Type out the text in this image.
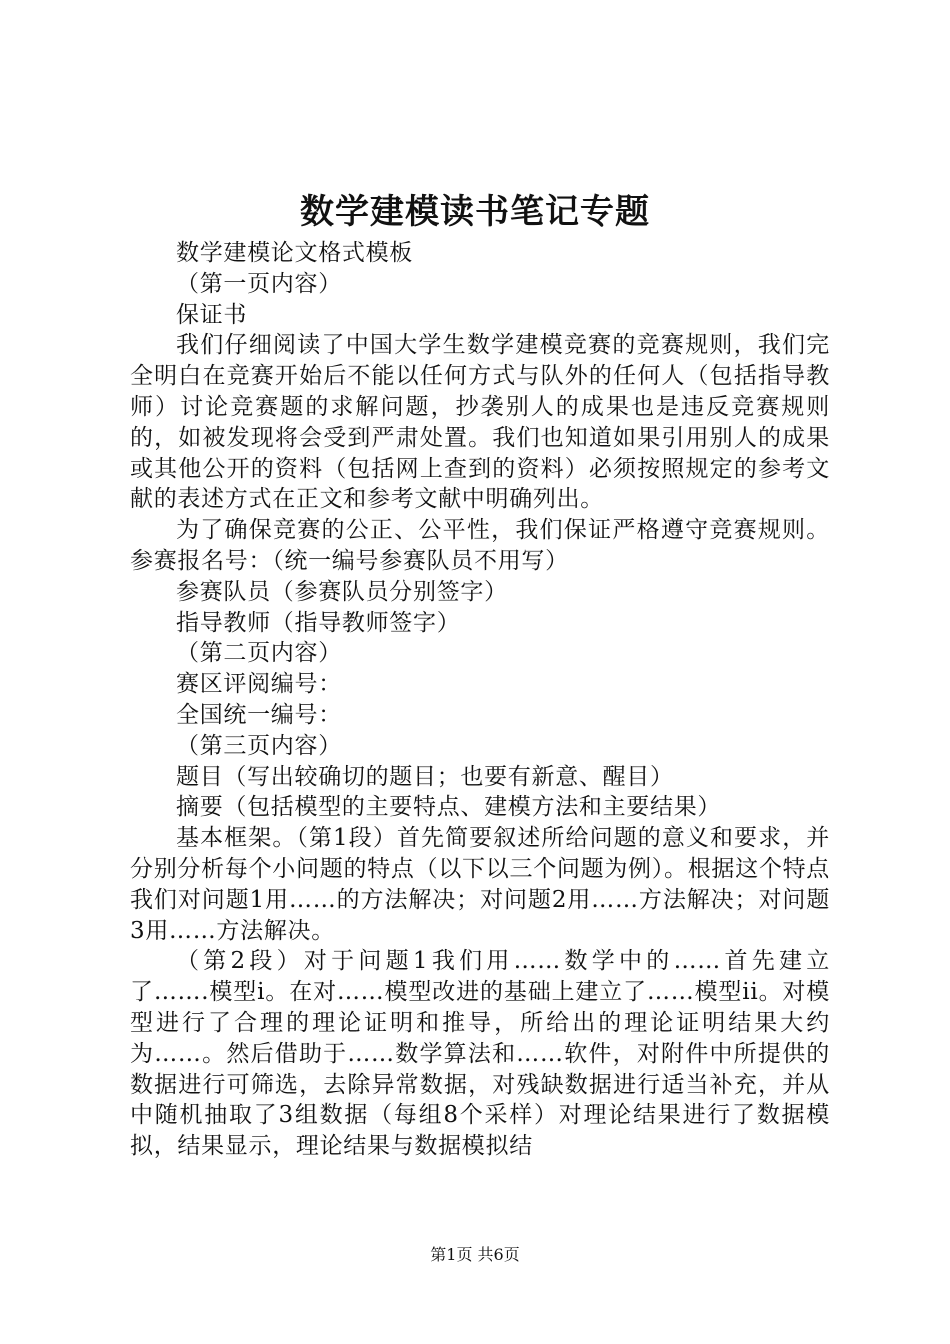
数学建模读书笔记专题

数学建模论文格式模板

（第一页内容）

保证书

我们仔细阅读了中国大学生数学建模竞赛的竞赛规则，我们完全明白在竞赛开始后不能以任何方式与队外的任何人（包括指导教师）讨论竞赛题的求解问题，抄袭别人的成果也是违反竞赛规则的，如被发现将会受到严肃处置。我们也知道如果引用别人的成果或其他公开的资料（包括网上查到的资料）必须按照规定的参考文献的表述方式在正文和参考文献中明确列出。

为了确保竞赛的公正、公平性，我们保证严格遵守竞赛规则。参赛报名号：（统一编号参赛队员不用写）

参赛队员（参赛队员分别签字）

指导教师（指导教师签字）

（第二页内容）

赛区评阅编号：

全国统一编号：

（第三页内容）

题目（写出较确切的题目；也要有新意、醒目）

摘要（包括模型的主要特点、建模方法和主要结果）

基本框架。（第1段）首先简要叙述所给问题的意义和要求，并分别分析每个小问题的特点（以下以三个问题为例）。根据这个特点我们对问题1用……的方法解决；对问题2用……方法解决；对问题3用……方法解决。

（第2段）对于问题1我们用……数学中的……首先建立了…….模型i。在对……模型改进的基础上建立了……模型ii。对模型进行了合理的理论证明和推导，所给出的理论证明结果大约为……。然后借助于……数学算法和……软件，对附件中所提供的数据进行可筛选，去除异常数据，对残缺数据进行适当补充，并从中随机抽取了3组数据（每组8个采样）对理论结果进行了数据模拟，结果显示，理论结果与数据模拟结

第1页 共6页
